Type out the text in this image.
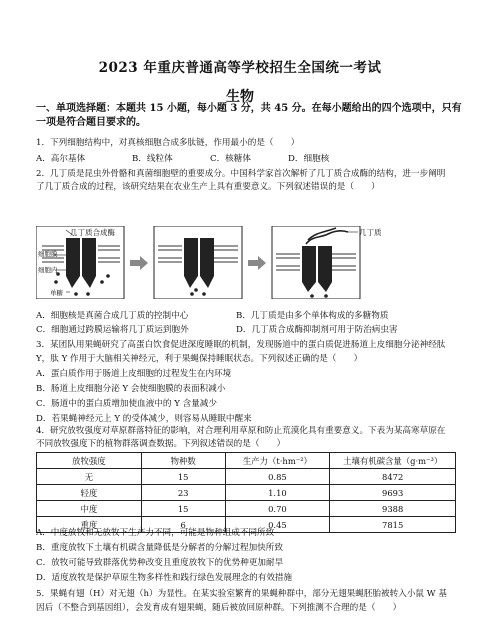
2023 年重庆普通高等学校招生全国统一考试
生物
一、单项选择题：本题共 15 小题，每小题 3 分，共 45 分。在每小题给出的四个选项中，只有
一项是符合题目要求的。
1．下列细胞结构中，对真核细胞合成多肽链，作用最小的是（　　）
A．高尔基体	B．线粒体	C．核糖体	D．细胞核
2．几丁质是昆虫外骨骼和真菌细胞壁的重要成分。中国科学家首次解析了几丁质合成酶的结构，进一步阐明
了几丁质合成的过程，该研究结果在农业生产上具有重要意义。下列叙述错误的是（　　）
几丁质合成酶
细胞膜
细胞内
单糖
几丁质
A．细胞核是真菌合成几丁质的控制中心	B．几丁质是由多个单体构成的多糖物质
C．细胞通过跨膜运输将几丁质运到胞外	D．几丁质合成酶抑制剂可用于防治病虫害
3．某团队用果蝇研究了高蛋白饮食促进深度睡眠的机制，发现肠道中的蛋白质促进肠道上皮细胞分泌神经肽
Y，肽 Y 作用于大脑相关神经元，利于果蝇保持睡眠状态。下列叙述正确的是（　　）
A．蛋白质作用于肠道上皮细胞的过程发生在内环境
B．肠道上皮细胞分泌 Y 会使细胞膜的表面积减小
C．肠道中的蛋白质增加使血液中的 Y 含量减少
D．若果蝇神经元上 Y 的受体减少，则容易从睡眠中醒来
4．研究放牧强度对草原群落特征的影响，对合理利用草原和防止荒漠化具有重要意义。下表为某高寒草原在
放牧强度	物种数	生产力（t·hm⁻²）	土壤有机碳含量（g·m⁻³）
无	15	0.85	8472
轻度	23	1.10	9693
中度	15	0.70	9388
重度	6	0.45	7815
A．中度放牧和无放牧下生产力不同，可能是物种组成不同所致
B．重度放牧下土壤有机碳含量降低是分解者的分解过程加快所致
C．放牧可能导致群落优势种改变且重度放牧下的优势种更加耐旱
D．适度放牧是保护草原生物多样性和践行绿色发展理念的有效措施
5．果蝇有翅（H）对无翅（h）为显性。在某实验室繁育的果蝇种群中，部分无翅果蝇胚胎被转入小鼠 W 基
因后（不整合到基因组），会发育成有翅果蝇，随后被放回原种群。下列推测不合理的是（　　）
不同放牧强度下的植物群落调查数据。下列叙述错误的是（　　）
